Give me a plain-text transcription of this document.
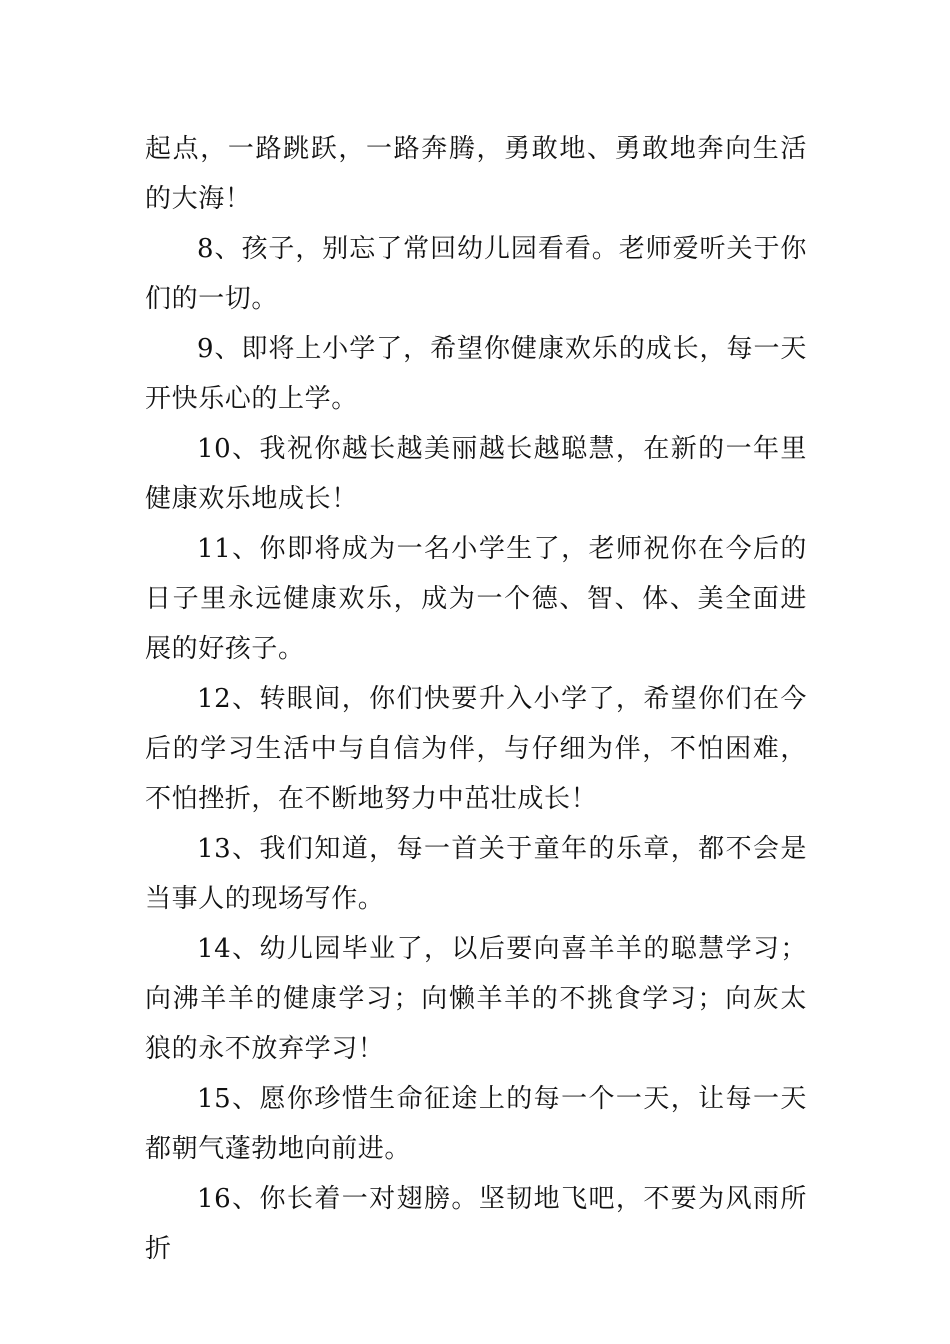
起点，一路跳跃，一路奔腾，勇敢地、勇敢地奔向生活的大海！

8、孩子，别忘了常回幼儿园看看。老师爱听关于你们的一切。

9、即将上小学了，希望你健康欢乐的成长，每一天开快乐心的上学。

10、我祝你越长越美丽越长越聪慧，在新的一年里健康欢乐地成长！

11、你即将成为一名小学生了，老师祝你在今后的日子里永远健康欢乐，成为一个德、智、体、美全面进展的好孩子。

12、转眼间，你们快要升入小学了，希望你们在今后的学习生活中与自信为伴，与仔细为伴，不怕困难，不怕挫折，在不断地努力中茁壮成长！

13、我们知道，每一首关于童年的乐章，都不会是当事人的现场写作。

14、幼儿园毕业了，以后要向喜羊羊的聪慧学习；向沸羊羊的健康学习；向懒羊羊的不挑食学习；向灰太狼的永不放弃学习！

15、愿你珍惜生命征途上的每一个一天，让每一天都朝气蓬勃地向前进。

16、你长着一对翅膀。坚韧地飞吧，不要为风雨所折
